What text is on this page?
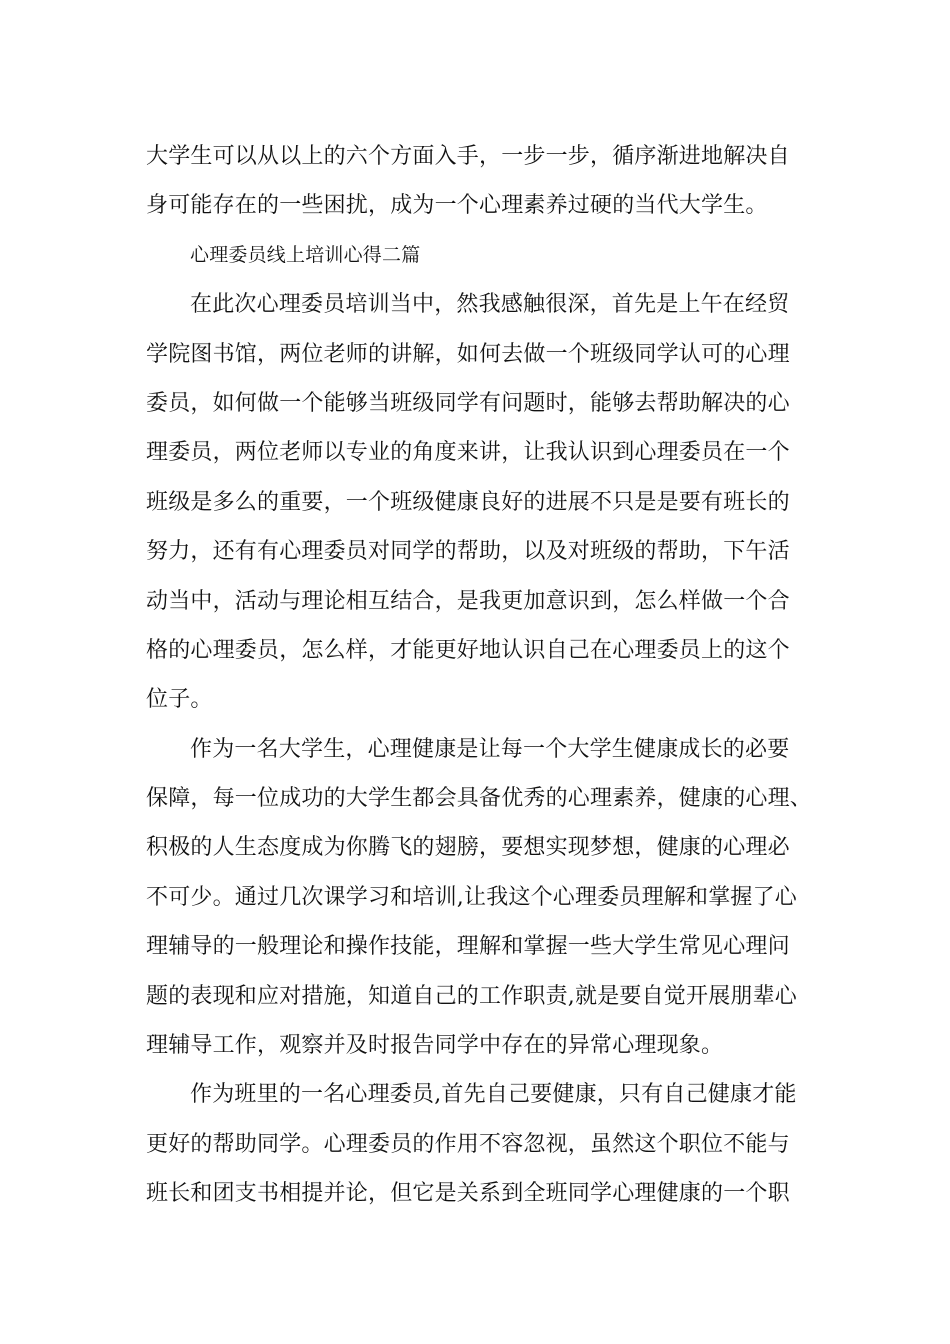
大学生可以从以上的六个方面入手，一步一步，循序渐进地解决自
身可能存在的一些困扰，成为一个心理素养过硬的当代大学生。
心理委员线上培训心得二篇
在此次心理委员培训当中，然我感触很深，首先是上午在经贸
学院图书馆，两位老师的讲解，如何去做一个班级同学认可的心理
委员，如何做一个能够当班级同学有问题时，能够去帮助解决的心
理委员，两位老师以专业的角度来讲，让我认识到心理委员在一个
班级是多么的重要，一个班级健康良好的进展不只是是要有班长的
努力，还有有心理委员对同学的帮助，以及对班级的帮助，下午活
动当中，活动与理论相互结合，是我更加意识到，怎么样做一个合
格的心理委员，怎么样，才能更好地认识自己在心理委员上的这个
位子。
作为一名大学生，心理健康是让每一个大学生健康成长的必要
保障，每一位成功的大学生都会具备优秀的心理素养，健康的心理、
积极的人生态度成为你腾飞的翅膀，要想实现梦想，健康的心理必
不可少。通过几次课学习和培训,让我这个心理委员理解和掌握了心
理辅导的一般理论和操作技能，理解和掌握一些大学生常见心理问
题的表现和应对措施，知道自己的工作职责,就是要自觉开展朋辈心
理辅导工作，观察并及时报告同学中存在的异常心理现象。
作为班里的一名心理委员,首先自己要健康，只有自己健康才能
更好的帮助同学。心理委员的作用不容忽视，虽然这个职位不能与
班长和团支书相提并论，但它是关系到全班同学心理健康的一个职
